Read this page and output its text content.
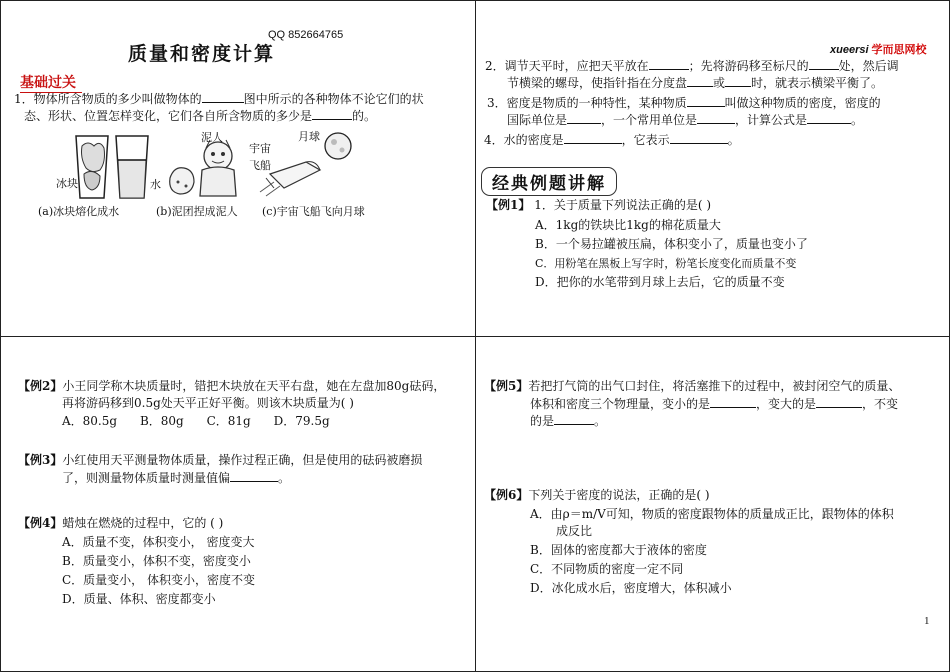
QQ 852664765
质量和密度计算
基础过关
1．物体所含物质的多少叫做物体的	图中所示的各种物体不论它们的状
态、形状、位置怎样变化，它们各自所含物质的多少是	的。
冰块	水
泥人
宇宙
飞船
月球
(a)冰块熔化成水	(b)泥团捏成泥人 (c)宇宙飞船飞向月球
xueersi 学而思网校
2．调节天平时，应把天平放在	；先将游码移至标尺的	处，然后调
节横梁的螺母，使指针指在分度盘 或 时，就表示横梁平衡了。
3．密度是物质的一种特性，某种物质	叫做这种物质的密度，密度的
国际单位是	，一个常用单位是	，计算公式是	。
4．水的密度是	，它表示	。
经典例题讲解
【例1】 1．关于质量下列说法正确的是( )
A．1kg的铁块比1kg的棉花质量大
B．一个易拉罐被压扁，体积变小了，质量也变小了
C．用粉笔在黑板上写字时，粉笔长度变化而质量不变
D．把你的水笔带到月球上去后，它的质量不变
【例2】小王同学称木块质量时，错把木块放在天平右盘，她在左盘加80g砝码，
再将游码移到0.5g处天平正好平衡。则该木块质量为( )
A．80.5g      B．80g      C．81g      D．79.5g
【例3】小红使用天平测量物体质量，操作过程正确，但是使用的砝码被磨损
了，则测量物体质量时测量值偏	。
【例4】蜡烛在燃烧的过程中，它的 ( )
A．质量不变，体积变小， 密度变大
B．质量变小，体积不变，密度变小
C．质量变小， 体积变小，密度不变
D．质量、体积、密度都变小
【例5】若把打气筒的出气口封住，将活塞推下的过程中，被封闭空气的质量、
体积和密度三个物理量，变小的是	，变大的是	，不变
的是	。
【例6】下列关于密度的说法，正确的是( )
A．由ρ＝m/V可知，物质的密度跟物体的质量成正比，跟物体的体积
成反比
B．固体的密度都大于液体的密度
C．不同物质的密度一定不同
D．冰化成水后，密度增大，体积减小
1
